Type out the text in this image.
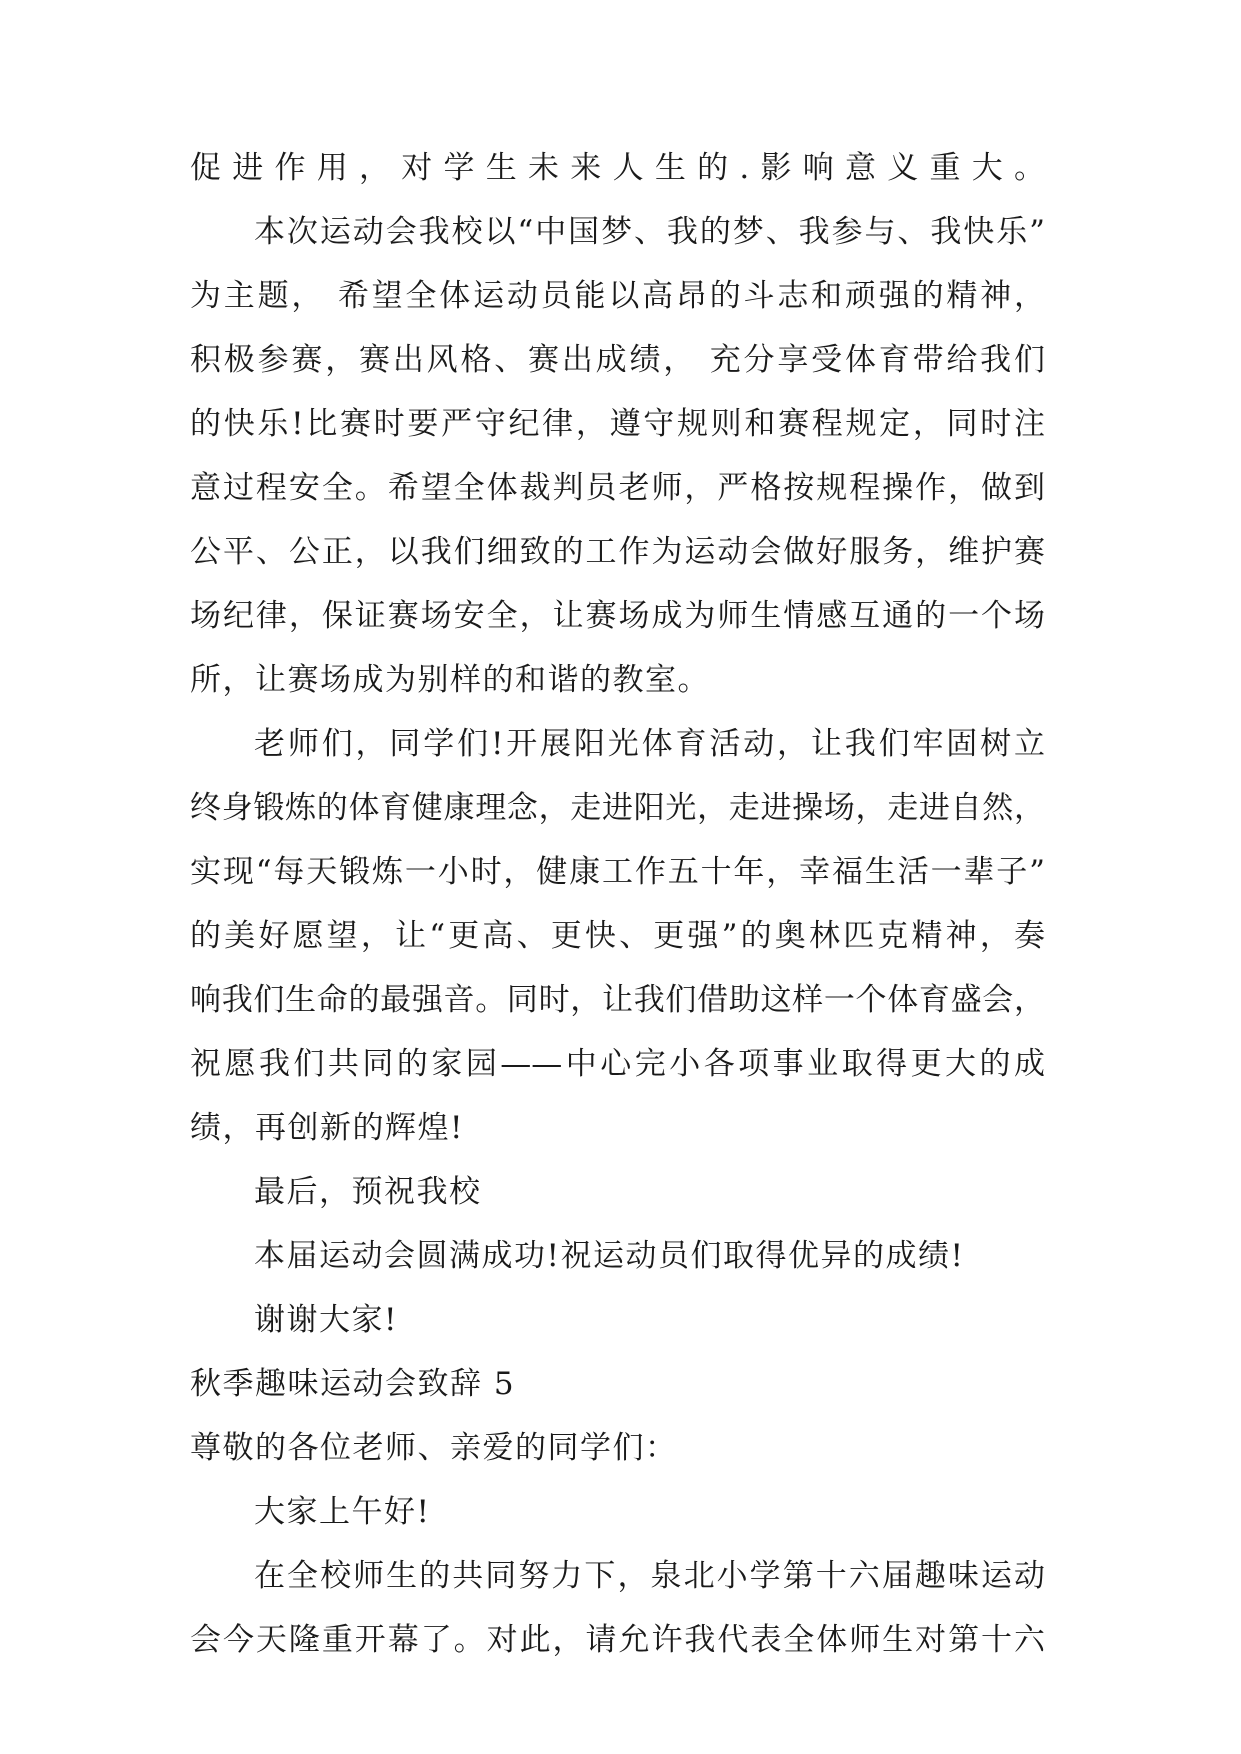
促进作用，对学生未来人生的.影响意义重大。
本次运动会我校以“中国梦、我的梦、我参与、我快乐”
为主题， 希望全体运动员能以高昂的斗志和顽强的精神，
积极参赛，赛出风格、赛出成绩， 充分享受体育带给我们
的快乐!比赛时要严守纪律，遵守规则和赛程规定，同时注
意过程安全。希望全体裁判员老师，严格按规程操作，做到
公平、公正，以我们细致的工作为运动会做好服务，维护赛
场纪律，保证赛场安全，让赛场成为师生情感互通的一个场
所，让赛场成为别样的和谐的教室。
老师们，同学们!开展阳光体育活动，让我们牢固树立
终身锻炼的体育健康理念，走进阳光，走进操场，走进自然，
实现“每天锻炼一小时，健康工作五十年，幸福生活一辈子”
的美好愿望，让“更高、更快、更强”的奥林匹克精神，奏
响我们生命的最强音。同时，让我们借助这样一个体育盛会，
祝愿我们共同的家园——中心完小各项事业取得更大的成
绩，再创新的辉煌!
最后，预祝我校
本届运动会圆满成功!祝运动员们取得优异的成绩!
谢谢大家!
秋季趣味运动会致辞 5
尊敬的各位老师、亲爱的同学们：
大家上午好!
在全校师生的共同努力下，泉北小学第十六届趣味运动
会今天隆重开幕了。对此，请允许我代表全体师生对第十六
